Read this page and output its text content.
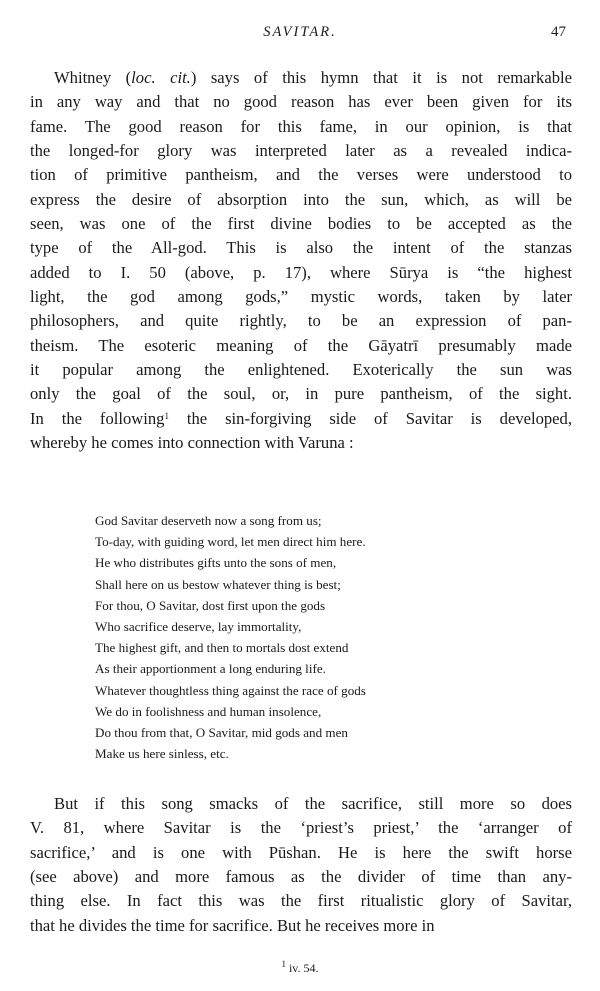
SAVITAR.	47

Whitney (loc. cit.) says of this hymn that it is not remarkable
in any way and that no good reason has ever been given for its
fame. The good reason for this fame, in our opinion, is that
the longed-for glory was interpreted later as a revealed indica-
tion of primitive pantheism, and the verses were understood to
express the desire of absorption into the sun, which, as will be
seen, was one of the first divine bodies to be accepted as the
type of the All-god. This is also the intent of the stanzas
added to I. 50 (above, p. 17), where Sūrya is “the highest
light, the god among gods,” mystic words, taken by later
philosophers, and quite rightly, to be an expression of pan-
theism. The esoteric meaning of the Gāyatrī presumably made
it popular among the enlightened. Exoterically the sun was
only the goal of the soul, or, in pure pantheism, of the sight.
In the following$^1$ the sin-forgiving side of Savitar is developed,
whereby he comes into connection with Varuna :

God Savitar deserveth now a song from us;
To-day, with guiding word, let men direct him here.
He who distributes gifts unto the sons of men,
Shall here on us bestow whatever thing is best;
For thou, O Savitar, dost first upon the gods
Who sacrifice deserve, lay immortality,
The highest gift, and then to mortals dost extend
As their apportionment a long enduring life.
Whatever thoughtless thing against the race of gods
We do in foolishness and human insolence,
Do thou from that, O Savitar, mid gods and men
Make us here sinless, etc.

But if this song smacks of the sacrifice, still more so does
V. 81, where Savitar is the ‘priest’s priest,’ the ‘arranger of
sacrifice,’ and is one with Pūshan. He is here the swift horse
(see above) and more famous as the divider of time than any-
thing else. In fact this was the first ritualistic glory of Savitar,
that he divides the time for sacrifice. But he receives more in

$^1$ iv. 54.
